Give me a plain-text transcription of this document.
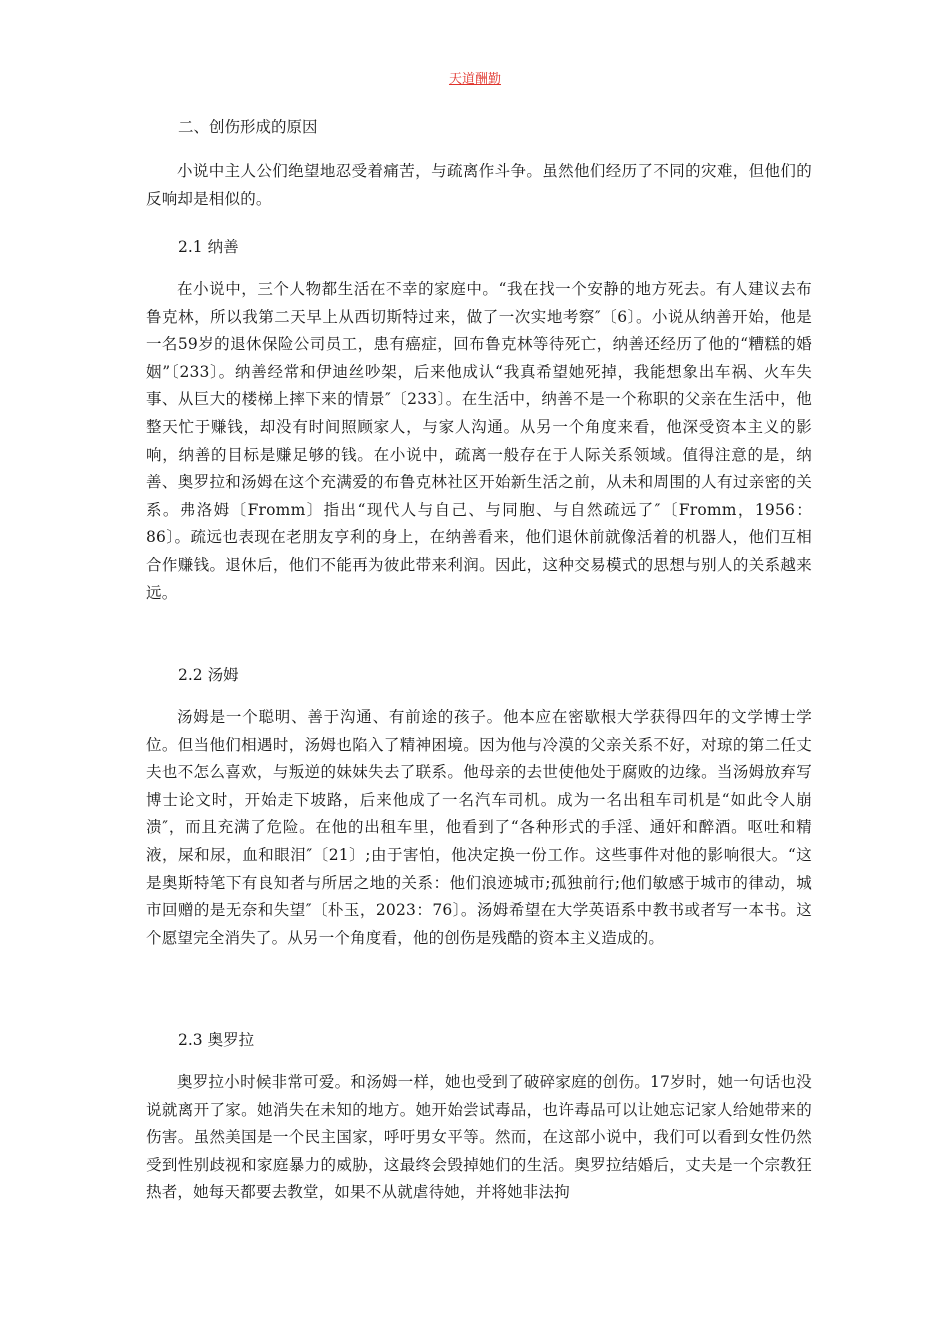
天道酬勤

二、创伤形成的原因

小说中主人公们绝望地忍受着痛苦，与疏离作斗争。虽然他们经历了不同的灾难，但他们的反响却是相似的。

2.1 纳善

在小说中，三个人物都生活在不幸的家庭中。“我在找一个安静的地方死去。有人建议去布鲁克林，所以我第二天早上从西切斯特过来，做了一次实地考察″〔6〕。小说从纳善开始，他是一名59岁的退休保险公司员工，患有癌症，回布鲁克林等待死亡，纳善还经历了他的“糟糕的婚姻”〔233〕。纳善经常和伊迪丝吵架，后来他成认“我真希望她死掉，我能想象出车祸、火车失事、从巨大的楼梯上摔下来的情景″〔233〕。在生活中，纳善不是一个称职的父亲在生活中，他整天忙于赚钱，却没有时间照顾家人，与家人沟通。从另一个角度来看，他深受资本主义的影响，纳善的目标是赚足够的钱。在小说中，疏离一般存在于人际关系领域。值得注意的是，纳善、奥罗拉和汤姆在这个充满爱的布鲁克林社区开始新生活之前，从未和周围的人有过亲密的关系。弗洛姆〔Fromm〕指出“现代人与自己、与同胞、与自然疏远了″〔Fromm，1956：86〕。疏远也表现在老朋友亨利的身上，在纳善看来，他们退休前就像活着的机器人，他们互相合作赚钱。退休后，他们不能再为彼此带来利润。因此，这种交易模式的思想与别人的关系越来远。

2.2 汤姆

汤姆是一个聪明、善于沟通、有前途的孩子。他本应在密歇根大学获得四年的文学博士学位。但当他们相遇时，汤姆也陷入了精神困境。因为他与冷漠的父亲关系不好，对琼的第二任丈夫也不怎么喜欢，与叛逆的妹妹失去了联系。他母亲的去世使他处于腐败的边缘。当汤姆放弃写博士论文时，开始走下坡路，后来他成了一名汽车司机。成为一名出租车司机是“如此令人崩溃″，而且充满了危险。在他的出租车里，他看到了“各种形式的手淫、通奸和醉酒。呕吐和精液，屎和尿，血和眼泪″〔21〕;由于害怕，他决定换一份工作。这些事件对他的影响很大。“这是奥斯特笔下有良知者与所居之地的关系：他们浪迹城市;孤独前行;他们敏感于城市的律动，城市回赠的是无奈和失望″〔朴玉，2023：76〕。汤姆希望在大学英语系中教书或者写一本书。这个愿望完全消失了。从另一个角度看，他的创伤是残酷的资本主义造成的。

2.3 奥罗拉

奥罗拉小时候非常可爱。和汤姆一样，她也受到了破碎家庭的创伤。17岁时，她一句话也没说就离开了家。她消失在未知的地方。她开始尝试毒品，也许毒品可以让她忘记家人给她带来的伤害。虽然美国是一个民主国家，呼吁男女平等。然而，在这部小说中，我们可以看到女性仍然受到性别歧视和家庭暴力的威胁，这最终会毁掉她们的生活。奥罗拉结婚后，丈夫是一个宗教狂热者，她每天都要去教堂，如果不从就虐待她，并将她非法拘
